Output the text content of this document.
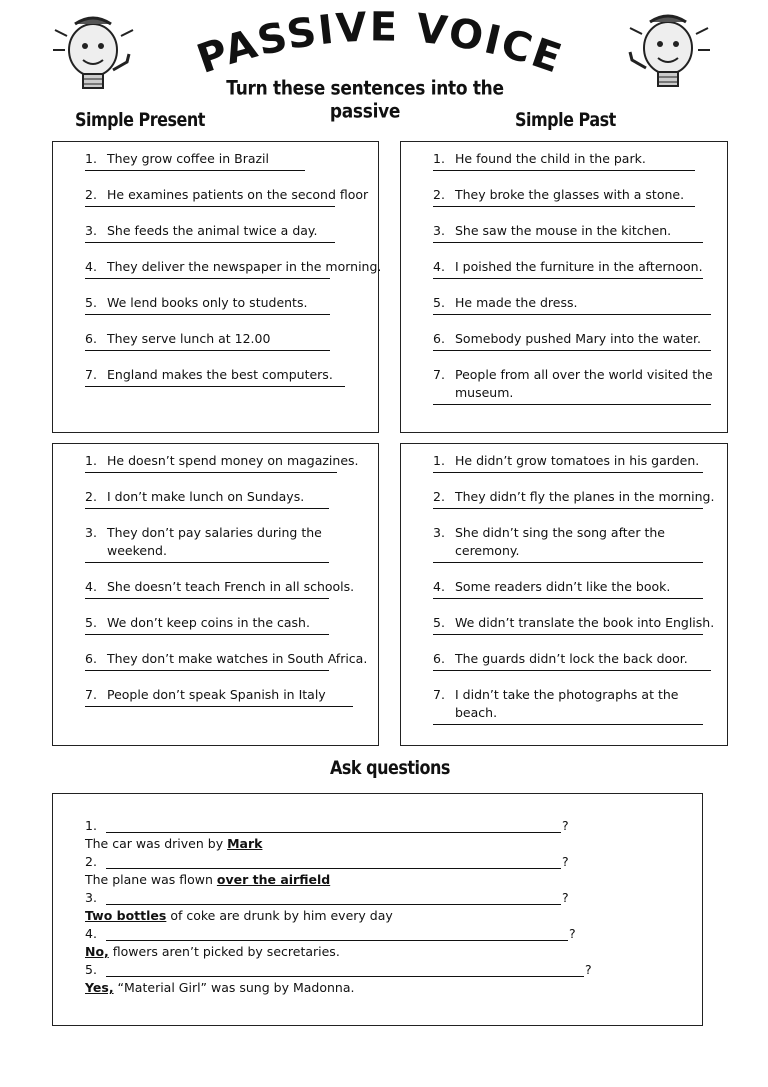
PASSIVE VOICE
Turn these sentences into the passive
Simple Present	Simple Past
Ask questions
1. They grow coffee in Brazil
2. He examines patients on the second floor
3. She feeds the animal twice a day.
4. They deliver the newspaper in the morning.
5. We lend books only to students.
6. They serve lunch at 12.00
7. England makes the best computers.
1. He found the child in the park.
2. They broke the glasses with a stone.
3. She saw the mouse in the kitchen.
4. I poished the furniture in the afternoon.
5. He made the dress.
6. Somebody pushed Mary into the water.
7. People from all over the world visited the
museum.
1. He doesn’t spend money on magazines.
2. I don’t make lunch on Sundays.
3. They don’t pay salaries during the
weekend.
4. She doesn’t teach French in all schools.
5. We don’t keep coins in the cash.
6. They don’t make watches in South Africa.
7. People don’t speak Spanish in Italy
1. He didn’t grow tomatoes in his garden.
2. They didn’t fly the planes in the morning.
3. She didn’t sing the song after the
ceremony.
4. Some readers didn’t like the book.
5. We didn’t translate the book into English.
6. The guards didn’t lock the back door.
7. I didn’t take the photographs at the
beach.
1.	?
The car was driven by Mark
2.	?
The plane was flown over the airfield
3.	?
Two bottles of coke are drunk by him every day
4.	?
No, flowers aren’t picked by secretaries.
5.	?
Yes, “Material Girl” was sung by Madonna.
